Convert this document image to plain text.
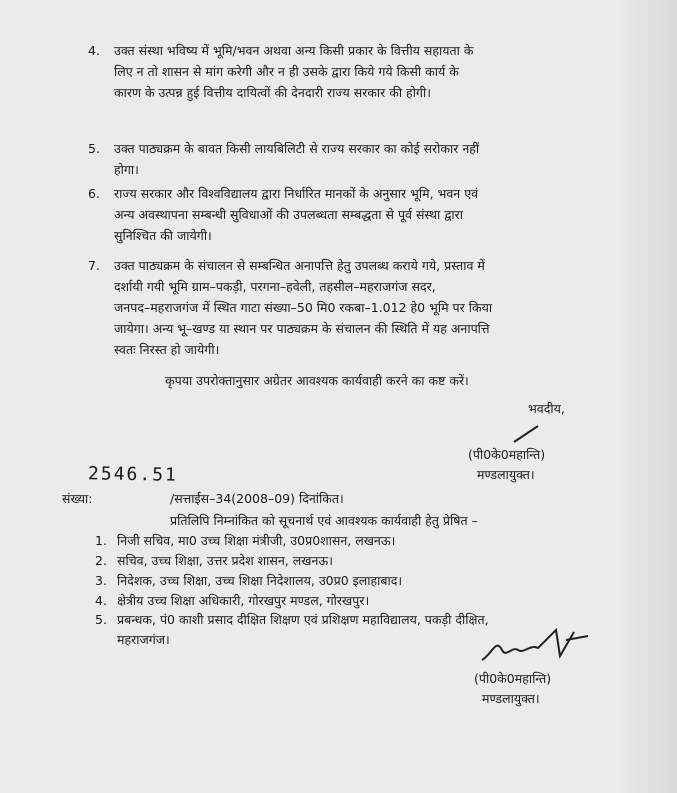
4.	उक्त संस्था भविष्य में भूमि/भवन अथवा अन्य किसी प्रकार के वित्तीय सहायता के
लिए न तो शासन से मांग करेगी और न ही उसके द्वारा किये गये किसी कार्य के
कारण के उत्पन्न हुई वित्तीय दायित्वों की देनदारी राज्य सरकार की होगी।
5.	उक्त पाठ्यक्रम के बावत किसी लायबिलिटी से राज्य सरकार का कोई सरोकार नहीं
होगा।
6.	राज्य सरकार और विश्वविद्यालय द्वारा निर्धारित मानकों के अनुसार भूमि, भवन एवं
अन्य अवस्थापना सम्बन्धी सुविधाओं की उपलब्धता सम्बद्धता से पूर्व संस्था द्वारा
सुनिश्चित की जायेगी।
7.	उक्त पाठ्यक्रम के संचालन से सम्बन्धित अनापत्ति हेतु उपलब्ध कराये गये, प्रस्ताव में
दर्शायी गयी भूमि ग्राम–पकड़ी, परगना–हवेली, तहसील–महराजगंज सदर,
जनपद–महराजगंज में स्थित गाटा संख्या–50 मि0 रकबा–1.012 हे0 भूमि पर किया
जायेगा। अन्य भू–खण्ड या स्थान पर पाठ्यक्रम के संचालन की स्थिति में यह अनापत्ति
स्वतः निरस्त हो जायेगी।
कृपया उपरोक्तानुसार अग्रेतर आवश्यक कार्यवाही करने का कष्ट करें।
भवदीय,
(पी0के0महान्ति)
मण्डलायुक्त।
2546.51
संख्या:	/सत्ताईस–34(2008–09) दिनांकित।
प्रतिलिपि निम्नांकित को सूचनार्थ एवं आवश्यक कार्यवाही हेतु प्रेषित –
1. निजी सचिव, मा0 उच्च शिक्षा मंत्रीजी, उ0प्र0शासन, लखनऊ।
2. सचिव, उच्च शिक्षा, उत्तर प्रदेश शासन, लखनऊ।
3. निदेशक, उच्च शिक्षा, उच्च शिक्षा निदेशालय, उ0प्र0 इलाहाबाद।
4. क्षेत्रीय उच्च शिक्षा अधिकारी, गोरखपुर मण्डल, गोरखपुर।
5. प्रबन्धक, पं0 काशी प्रसाद दीक्षित शिक्षण एवं प्रशिक्षण महाविद्यालय, पकड़ी दीक्षित,
महराजगंज।
(पी0के0महान्ति)
मण्डलायुक्त।
